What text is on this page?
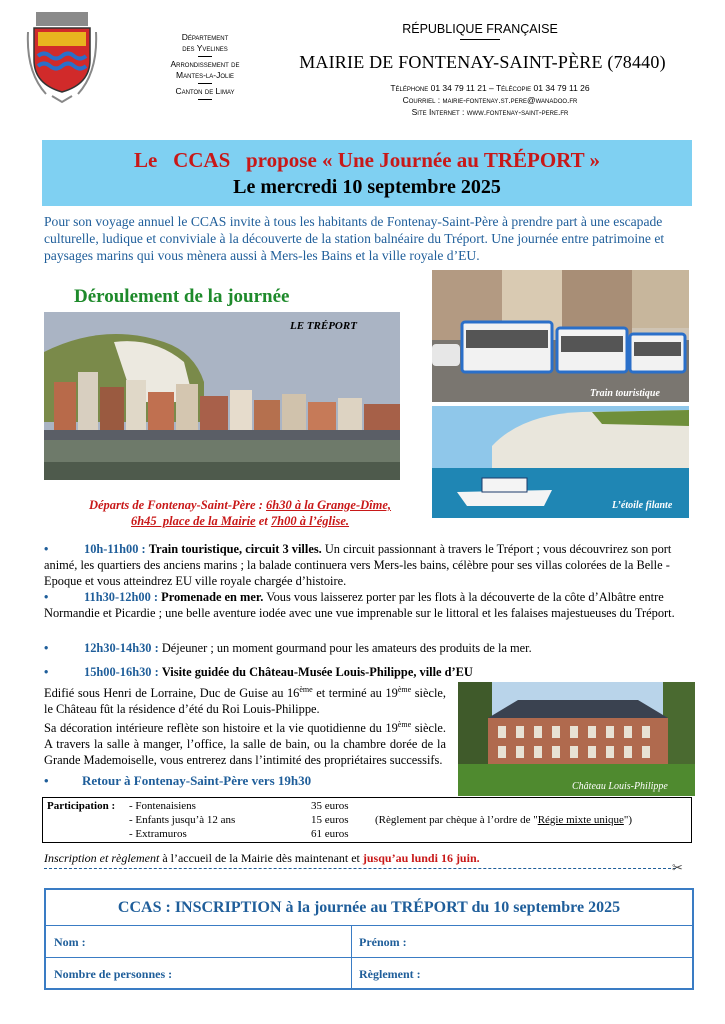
Département
des Yvelines
Arrondissement de
Mantes-la-Jolie
Canton de Limay
RÉPUBLIQUE FRANÇAISE
MAIRIE DE FONTENAY-SAINT-PÈRE (78440)
Téléphone 01 34 79 11 21 – Télécopie 01 34 79 11 26
Courriel : mairie-fontenay.st.pere@wanadoo.fr
Site Internet : www.fontenay-saint-pere.fr
Le   CCAS   propose « Une Journée au TRÉPORT »
Le mercredi 10 septembre 2025
Pour son voyage annuel le CCAS invite à tous les habitants de Fontenay-Saint-Père à prendre part à une escapade culturelle, ludique et conviviale à la découverte de la station balnéaire du Tréport. Une journée entre patrimoine et paysages marins qui vous mènera aussi à Mers-les Bains et la ville royale d’EU.
Déroulement de la journée
LE TRÉPORT
Train touristique
L’étoile filante
Départs de Fontenay-Saint-Père : 6h30 à la Grange-Dîme,
6h45  place de la Mairie et 7h00 à l’église.
•	10h-11h00 : Train touristique, circuit 3 villes. Un circuit passionnant à travers le Tréport ; vous découvrirez son port animé, les quartiers des anciens marins ; la balade continuera vers Mers-les bains, célèbre pour ses villas colorées de la Belle -Epoque et vous atteindrez EU ville royale chargée d’histoire.
•	11h30-12h00 : Promenade en mer. Vous vous laisserez porter par les flots à la découverte de la côte d’Albâtre entre Normandie et Picardie ; une belle aventure iodée avec une vue imprenable sur le littoral et les falaises majestueuses du Tréport.
•	12h30-14h30 : Déjeuner ; un moment gourmand pour les amateurs des produits de la mer.
•	15h00-16h30 : Visite guidée du Château-Musée Louis-Philippe, ville d’EU
Edifié sous Henri de Lorraine, Duc de Guise au 16ème et terminé au 19ème siècle, le Château fût la résidence d’été du Roi Louis-Philippe.
Sa décoration intérieure reflète son histoire et la vie quotidienne du 19ème siècle. A travers la salle à manger, l’office, la salle de bain, ou la chambre dorée de la Grande Mademoiselle, vous entrerez dans l’intimité des propriétaires successifs.
Château Louis-Philippe
•	Retour à Fontenay-Saint-Père vers 19h30
Participation : - Fontenaisiens	35 euros
- Enfants jusqu’à 12 ans	15 euros
- Extramuros	61 euros
(Règlement par chèque à l’ordre de "Régie mixte unique")
Inscription et règlement à l’accueil de la Mairie dès maintenant et jusqu’au lundi 16 juin.
✂
CCAS : INSCRIPTION à la journée au TRÉPORT du 10 septembre 2025
Nom :	Prénom :
Nombre de personnes :	Règlement :
